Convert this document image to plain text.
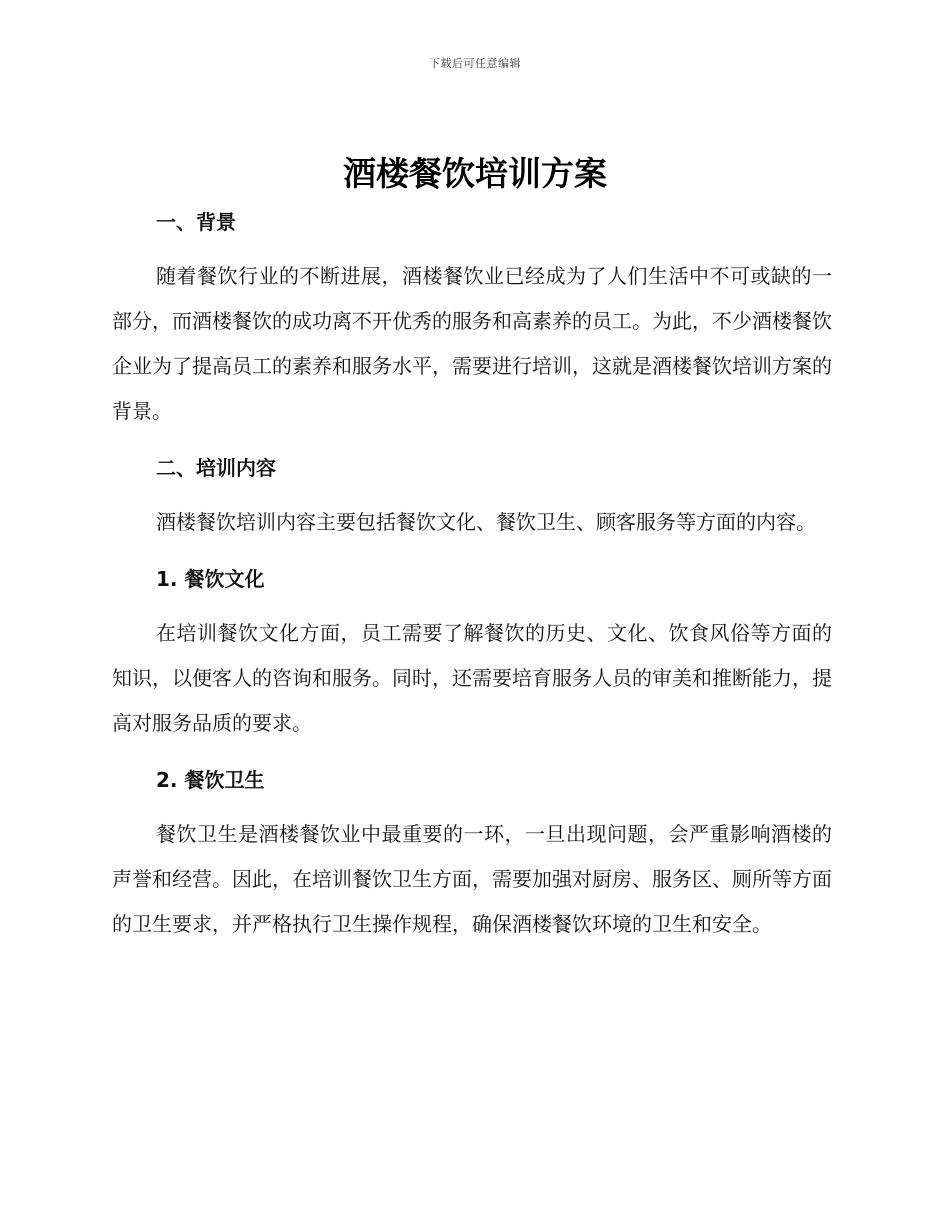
下载后可任意编辑
酒楼餐饮培训方案
一、背景

随着餐饮行业的不断进展，酒楼餐饮业已经成为了人们生活中不可或缺的一部分，而酒楼餐饮的成功离不开优秀的服务和高素养的员工。为此，不少酒楼餐饮企业为了提高员工的素养和服务水平，需要进行培训，这就是酒楼餐饮培训方案的背景。

二、培训内容

酒楼餐饮培训内容主要包括餐饮文化、餐饮卫生、顾客服务等方面的内容。

1. 餐饮文化

在培训餐饮文化方面，员工需要了解餐饮的历史、文化、饮食风俗等方面的知识，以便客人的咨询和服务。同时，还需要培育服务人员的审美和推断能力，提高对服务品质的要求。

2. 餐饮卫生

餐饮卫生是酒楼餐饮业中最重要的一环，一旦出现问题，会严重影响酒楼的声誉和经营。因此，在培训餐饮卫生方面，需要加强对厨房、服务区、厕所等方面的卫生要求，并严格执行卫生操作规程，确保酒楼餐饮环境的卫生和安全。
